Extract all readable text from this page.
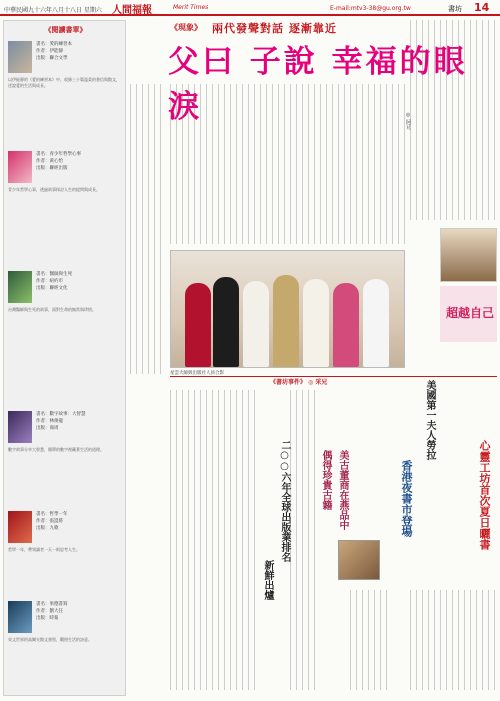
中華民國九十六年八月十八日 星期六 人間福報	Merit Times	E-mail:mtv3-38@gu.org.tw	書坊 14
《閱讀書單》
書名：愛的練習本
作者：伊能靜
出版：聯合文學
以伊能靜的《愛的練習本》中，收錄三十篇溫柔的書信與散文，述說愛的生活與成長。
書名：青少年哲學心事
作者：黃心怡
出版：聯經出版
青少年哲學心事，透過故事探討人生的提問與成長。
書名：醫師與生死
作者：紐約市
出版：聯經文化
台灣醫師與生死的故事，面對生命的無常與珍惜。
書名：數字故事：大智慧
作者：林俊龍
出版：商周
數字故事分享大智慧，簡單的數字裡藏著生活的道理。
書名：哲學一年
作者：張崑將
出版：九歌
哲學一年，帶領讀者一天一則思考人生。
書名：果德書寫
作者：劉大任
出版：時報
英文世界的高爾夫散文書寫，觀照生活的詩意。
《現象》 兩代發聲對話 逐漸靠近
父曰 子說 幸福的眼淚	◎ 阿兄
星雲大師與出版社人員合影
超越自己
《書坊事件》 ◎ 采兄	美國第一夫人勞拉
心靈工坊首次夏日曬書
香港夜書市登場
美古董商在燕品中
偶得珍貴古籍
二○○六年全球出版業排名
新鮮出爐
